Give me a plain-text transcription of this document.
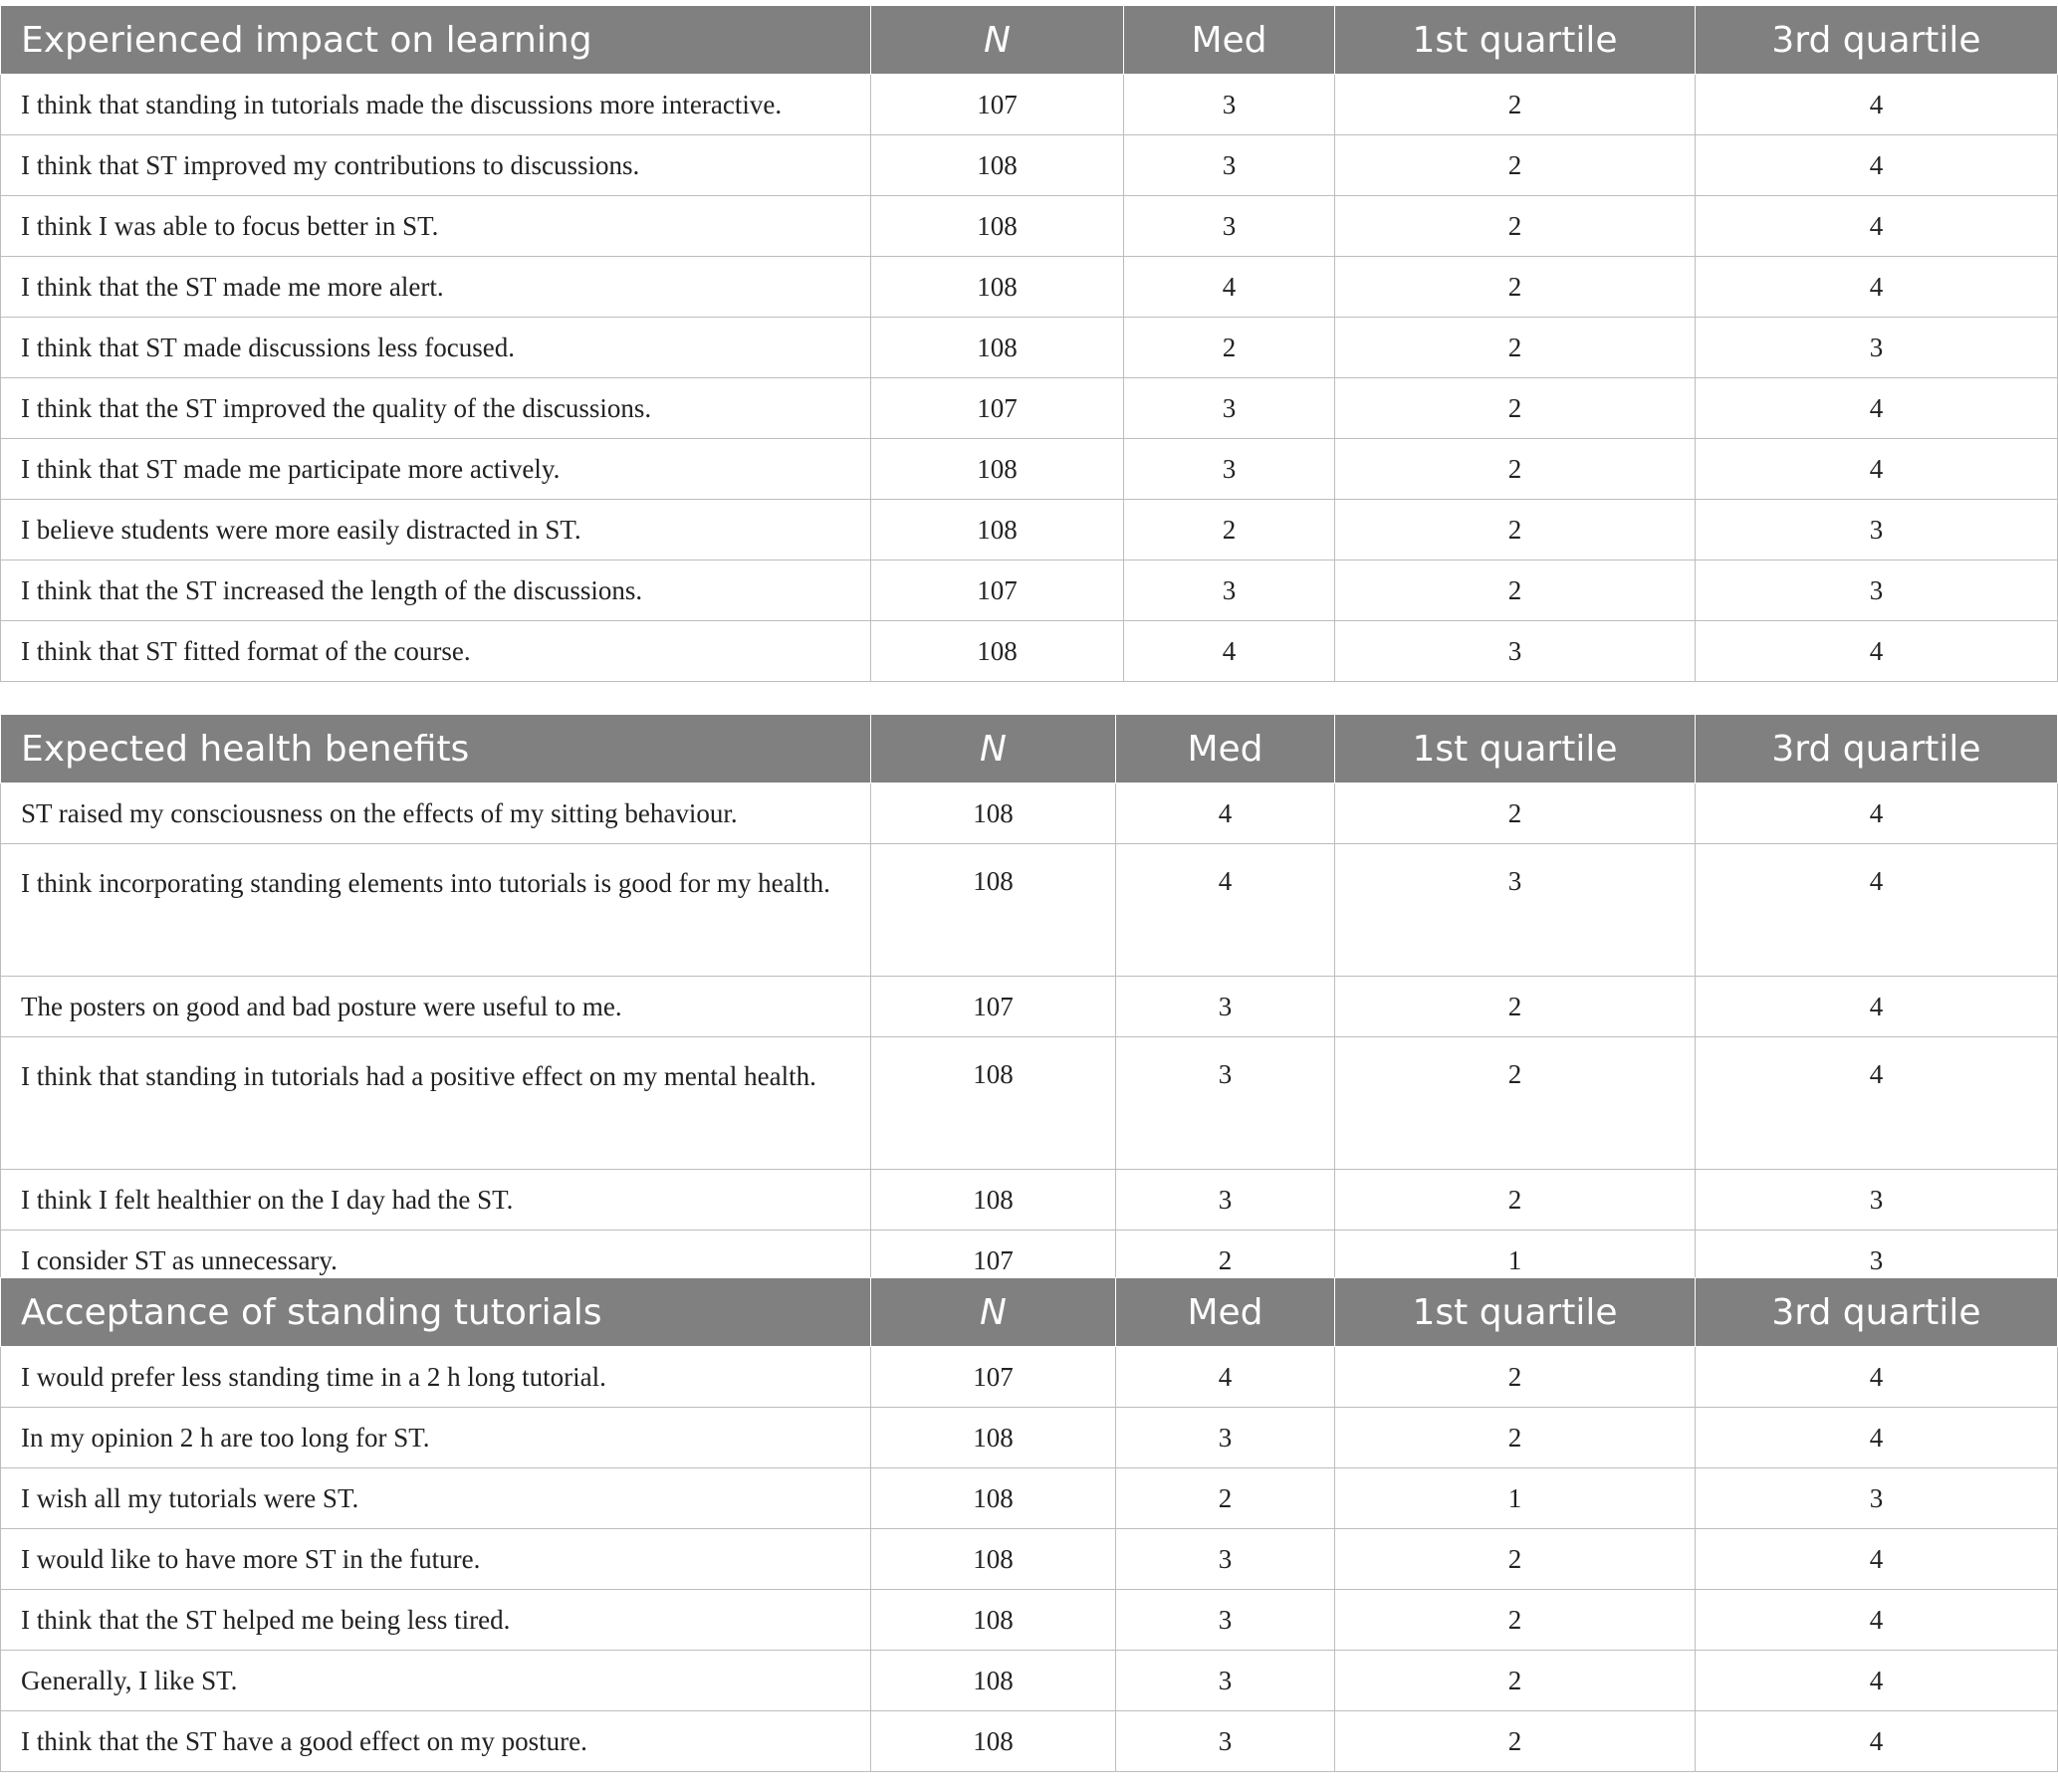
Experienced impact on learning	N	Med	1st quartile	3rd quartile
I think that standing in tutorials made the discussions more interactive.	107	3	2	4
I think that ST improved my contributions to discussions.	108	3	2	4
I think I was able to focus better in ST.	108	3	2	4
I think that the ST made me more alert.	108	4	2	4
I think that ST made discussions less focused.	108	2	2	3
I think that the ST improved the quality of the discussions.	107	3	2	4
I think that ST made me participate more actively.	108	3	2	4
I believe students were more easily distracted in ST.	108	2	2	3
I think that the ST increased the length of the discussions.	107	3	2	3
I think that ST fitted format of the course.	108	4	3	4
Expected health benefits	N	Med	1st quartile	3rd quartile
ST raised my consciousness on the effects of my sitting behaviour.	108	4	2	4
I think incorporating standing elements into tutorials is good for my health.	108	4	3	4
The posters on good and bad posture were useful to me.	107	3	2	4
I think that standing in tutorials had a positive effect on my mental health.	108	3	2	4
I think I felt healthier on the I day had the ST.	108	3	2	3
I consider ST as unnecessary.	107	2	1	3
Acceptance of standing tutorials	N	Med	1st quartile	3rd quartile
I would prefer less standing time in a 2 h long tutorial.	107	4	2	4
In my opinion 2 h are too long for ST.	108	3	2	4
I wish all my tutorials were ST.	108	2	1	3
I would like to have more ST in the future.	108	3	2	4
I think that the ST helped me being less tired.	108	3	2	4
Generally, I like ST.	108	3	2	4
I think that the ST have a good effect on my posture.	108	3	2	4
